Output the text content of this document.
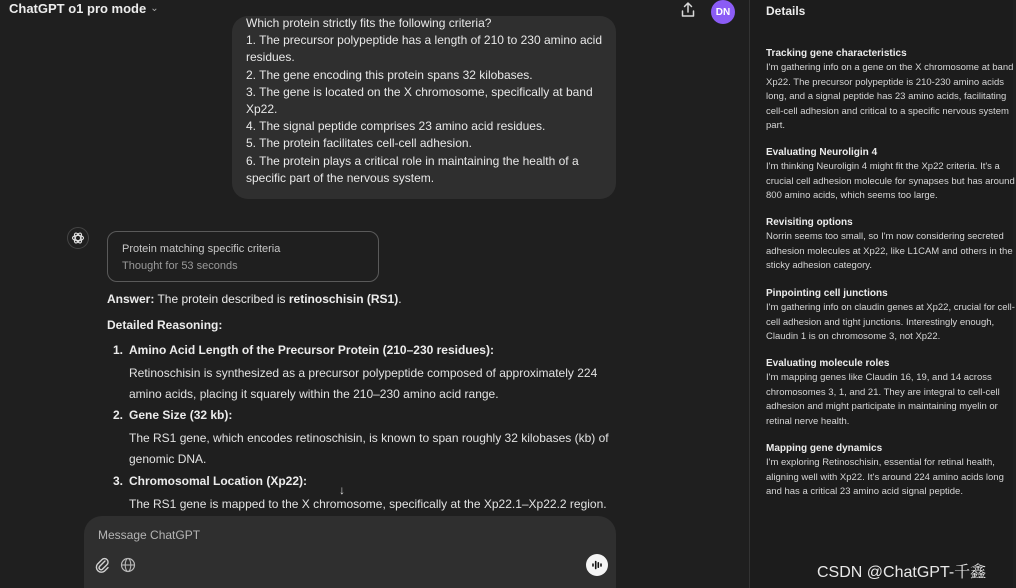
ChatGPT o1 pro mode ⌄	DN

Which protein strictly fits the following criteria?

1. The precursor polypeptide has a length of 210 to 230 amino acid

residues.

2. The gene encoding this protein spans 32 kilobases.

3. The gene is located on the X chromosome, specifically at band

Xp22.

4. The signal peptide comprises 23 amino acid residues.

5. The protein facilitates cell-cell adhesion.

6. The protein plays a critical role in maintaining the health of a

specific part of the nervous system.

Protein matching specific criteria
Thought for 53 seconds
Answer: The protein described is retinoschisin (RS1).
Detailed Reasoning:
1. Amino Acid Length of the Precursor Protein (210–230 residues):
Retinoschisin is synthesized as a precursor polypeptide composed of approximately 224 amino acids, placing it squarely within the 210–230 amino acid range.
2. Gene Size (32 kb):
The RS1 gene, which encodes retinoschisin, is known to span roughly 32 kilobases (kb) of genomic DNA.
3. Chromosomal Location (Xp22):
The RS1 gene is mapped to the X chromosome, specifically at the Xp22.1–Xp22.2 region.
↓
Message ChatGPT
Details
Tracking gene characteristics
I'm gathering info on a gene on the X chromosome at band Xp22. The precursor polypeptide is 210-230 amino acids long, and a signal peptide has 23 amino acids, facilitating cell-cell adhesion and critical to a specific nervous system part.
Evaluating Neuroligin 4
I'm thinking Neuroligin 4 might fit the Xp22 criteria. It's a crucial cell adhesion molecule for synapses but has around 800 amino acids, which seems too large.
Revisiting options
Norrin seems too small, so I'm now considering secreted adhesion molecules at Xp22, like L1CAM and others in the sticky adhesion category.
Pinpointing cell junctions
I'm gathering info on claudin genes at Xp22, crucial for cell-cell adhesion and tight junctions. Interestingly enough, Claudin 1 is on chromosome 3, not Xp22.
Evaluating molecule roles
I'm mapping genes like Claudin 16, 19, and 14 across chromosomes 3, 1, and 21. They are integral to cell-cell adhesion and might participate in maintaining myelin or retinal nerve health.
Mapping gene dynamics
I'm exploring Retinoschisin, essential for retinal health, aligning well with Xp22. It's around 224 amino acids long and has a critical 23 amino acid signal peptide.
CSDN @ChatGPT-千鑫
